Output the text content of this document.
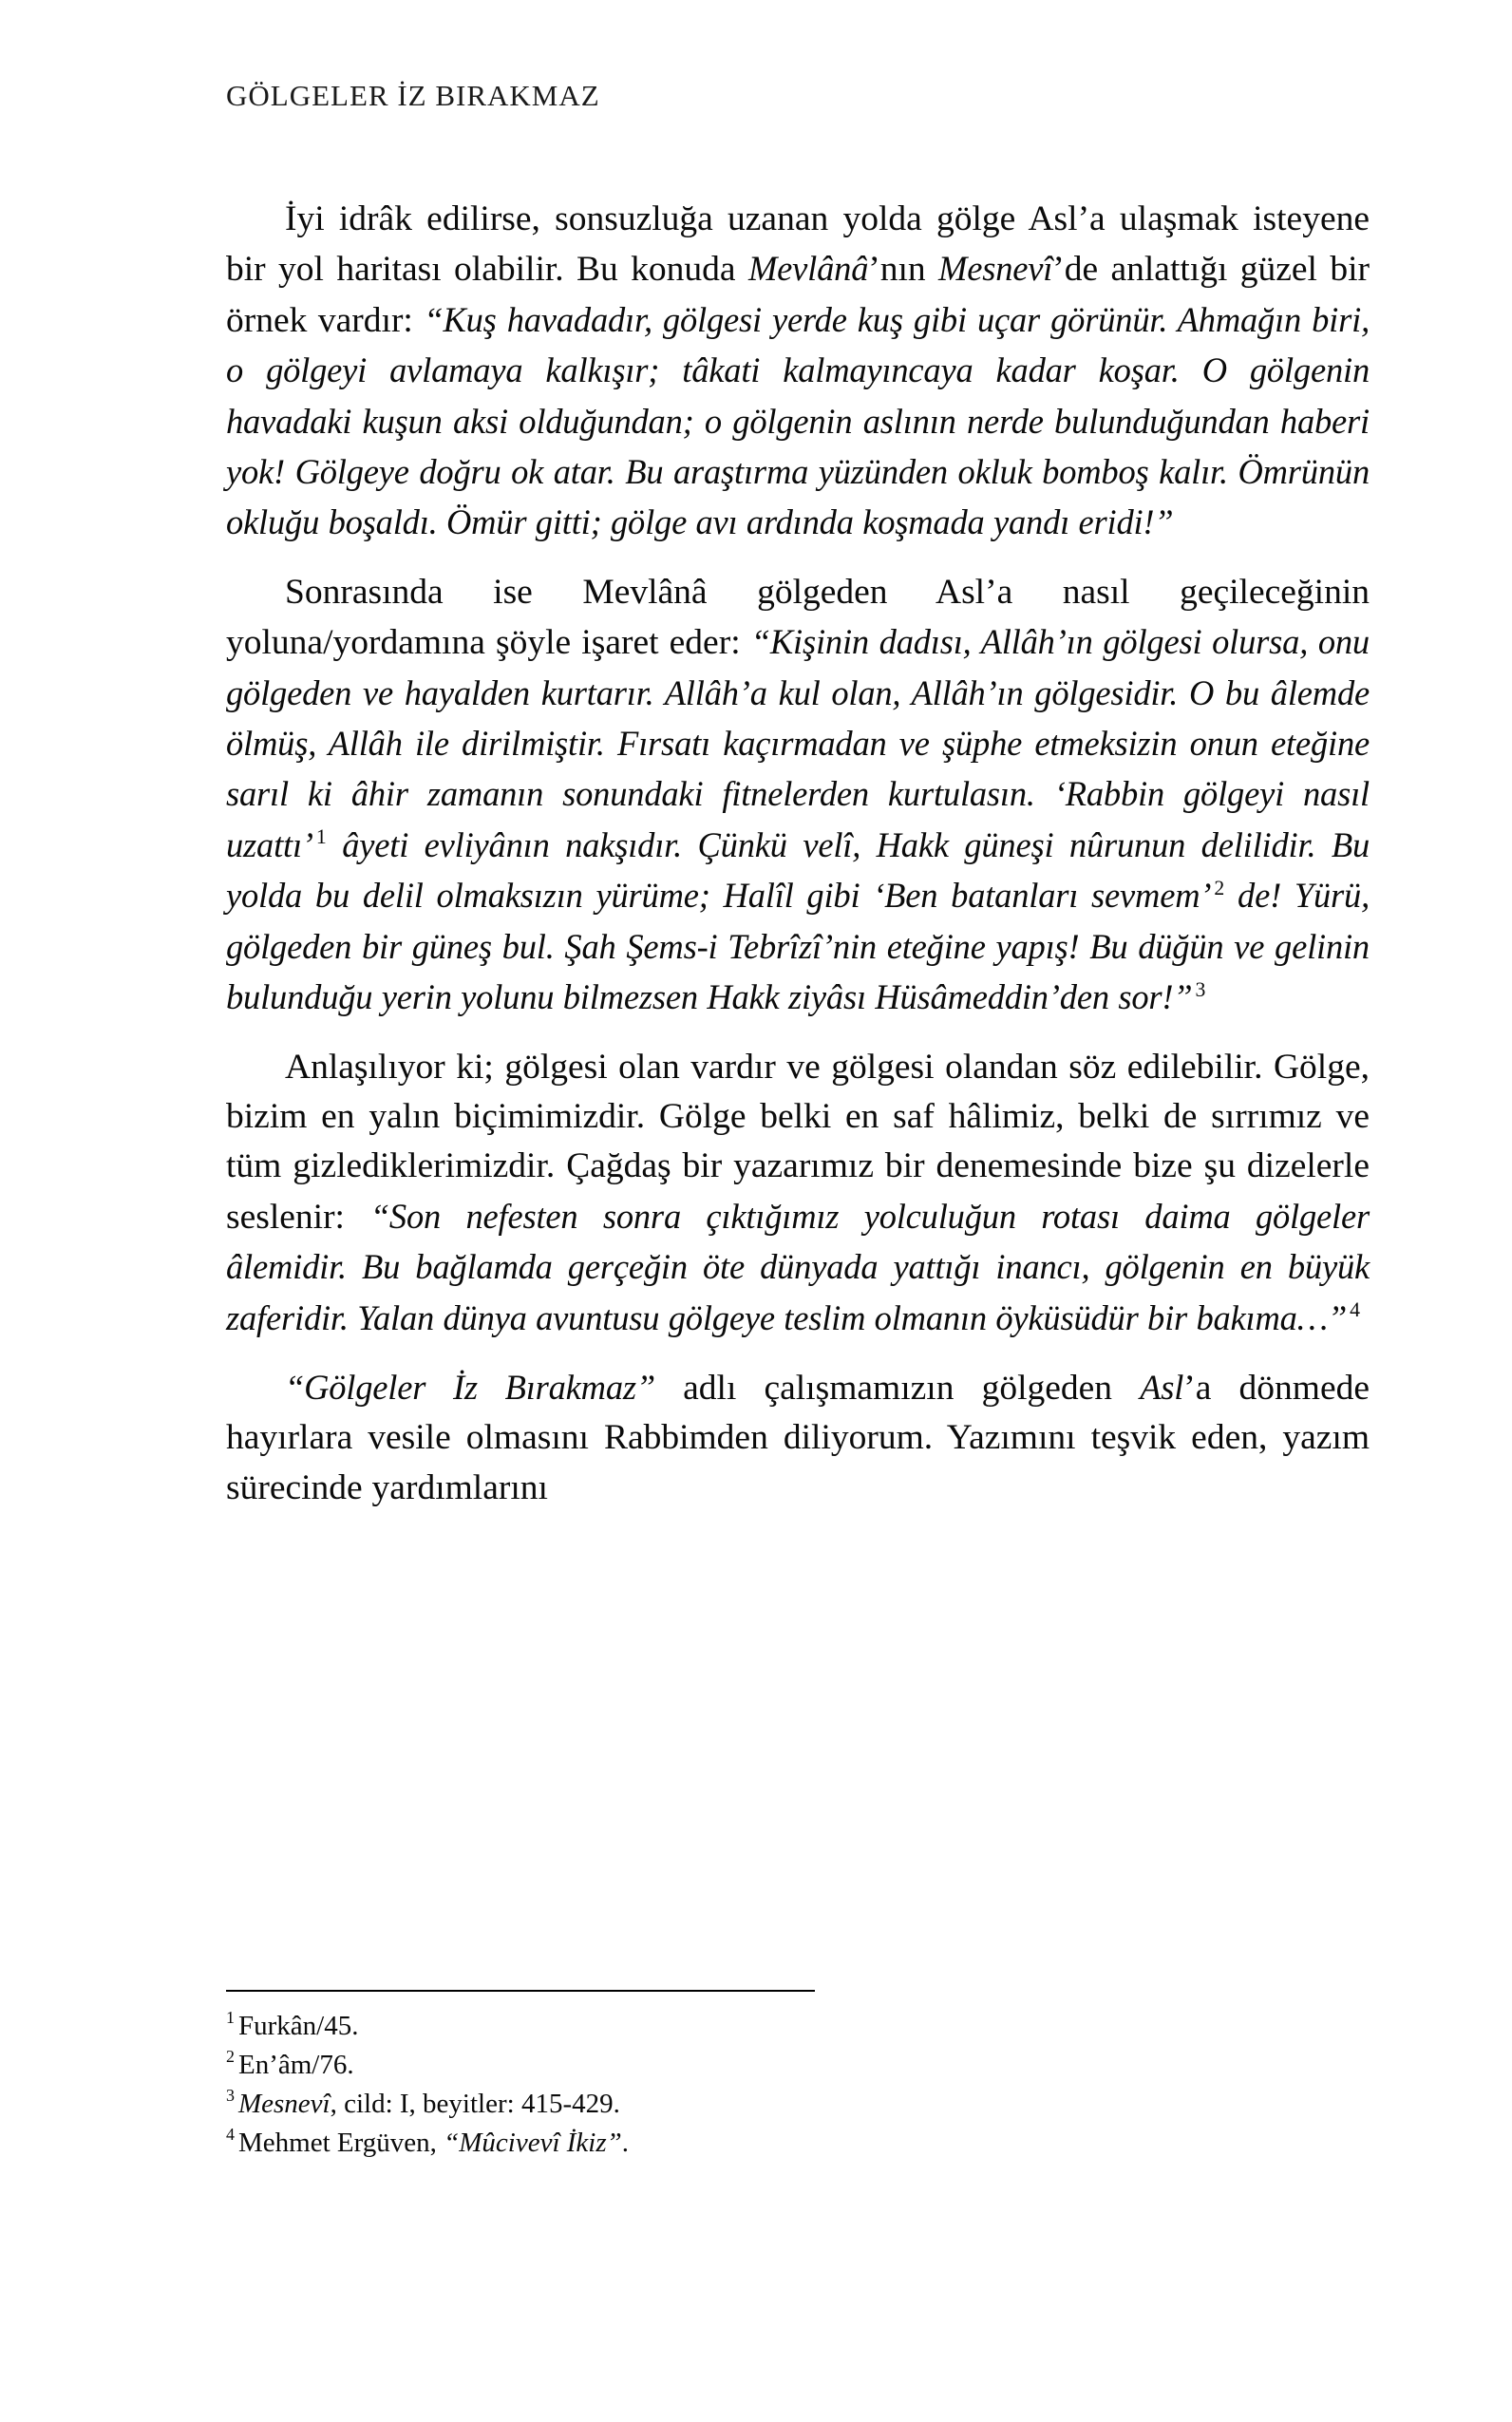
GÖLGELER İZ BIRAKMAZ

İyi idrâk edilirse, sonsuzluğa uzanan yolda gölge Asl’a ulaşmak isteyene bir yol haritası olabilir. Bu konuda Mevlânâ’nın Mesnevî’de anlattığı güzel bir örnek vardır: “Kuş havadadır, gölgesi yerde kuş gibi uçar görünür. Ahmağın biri, o gölgeyi avlamaya kalkışır; tâkati kalmayıncaya kadar koşar. O gölgenin havadaki kuşun aksi olduğundan; o gölgenin aslının nerde bulunduğundan haberi yok! Gölgeye doğru ok atar. Bu araştırma yüzünden okluk bomboş kalır. Ömrünün okluğu boşaldı. Ömür gitti; gölge avı ardında koşmada yandı eridi!”

Sonrasında ise Mevlânâ gölgeden Asl’a nasıl geçileceğinin yoluna/yordamına şöyle işaret eder: “Kişinin dadısı, Allâh’ın gölgesi olursa, onu gölgeden ve hayalden kurtarır. Allâh’a kul olan, Allâh’ın gölgesidir. O bu âlemde ölmüş, Allâh ile dirilmiştir. Fırsatı kaçırmadan ve şüphe etmeksizin onun eteğine sarıl ki âhir zamanın sonundaki fitnelerden kurtulasın. ‘Rabbin gölgeyi nasıl uzattı’ $^1$ âyeti evliyânın nakşıdır. Çünkü velî, Hakk güneşi nûrunun delilidir. Bu yolda bu delil olmaksızın yürüme; Halîl gibi ‘Ben batanları sevmem’ $^2$ de! Yürü, gölgeden bir güneş bul. Şah Şems-i Tebrîzî’nin eteğine yapış! Bu düğün ve gelinin bulunduğu yerin yolunu bilmezsen Hakk ziyâsı Hüsâmeddin’den sor!” $^3$

Anlaşılıyor ki; gölgesi olan vardır ve gölgesi olandan söz edilebilir. Gölge, bizim en yalın biçimimizdir. Gölge belki en saf hâlimiz, belki de sırrımız ve tüm gizlediklerimizdir. Çağdaş bir yazarımız bir denemesinde bize şu dizelerle seslenir: “Son nefesten sonra çıktığımız yolculuğun rotası daima gölgeler âlemidir. Bu bağlamda gerçeğin öte dünyada yattığı inancı, gölgenin en büyük zaferidir. Yalan dünya avuntusu gölgeye teslim olmanın öyküsüdür bir bakıma…” $^4$

“Gölgeler İz Bırakmaz” adlı çalışmamızın gölgeden Asl’a dönmede hayırlara vesile olmasını Rabbimden diliyorum. Yazımını teşvik eden, yazım sürecinde yardımlarını

$^1$ Furkân/45.
$^2$ En’âm/76.
$^3$ Mesnevî, cild: I, beyitler: 415-429.
$^4$ Mehmet Ergüven, “Mûcivevî İkiz”.
